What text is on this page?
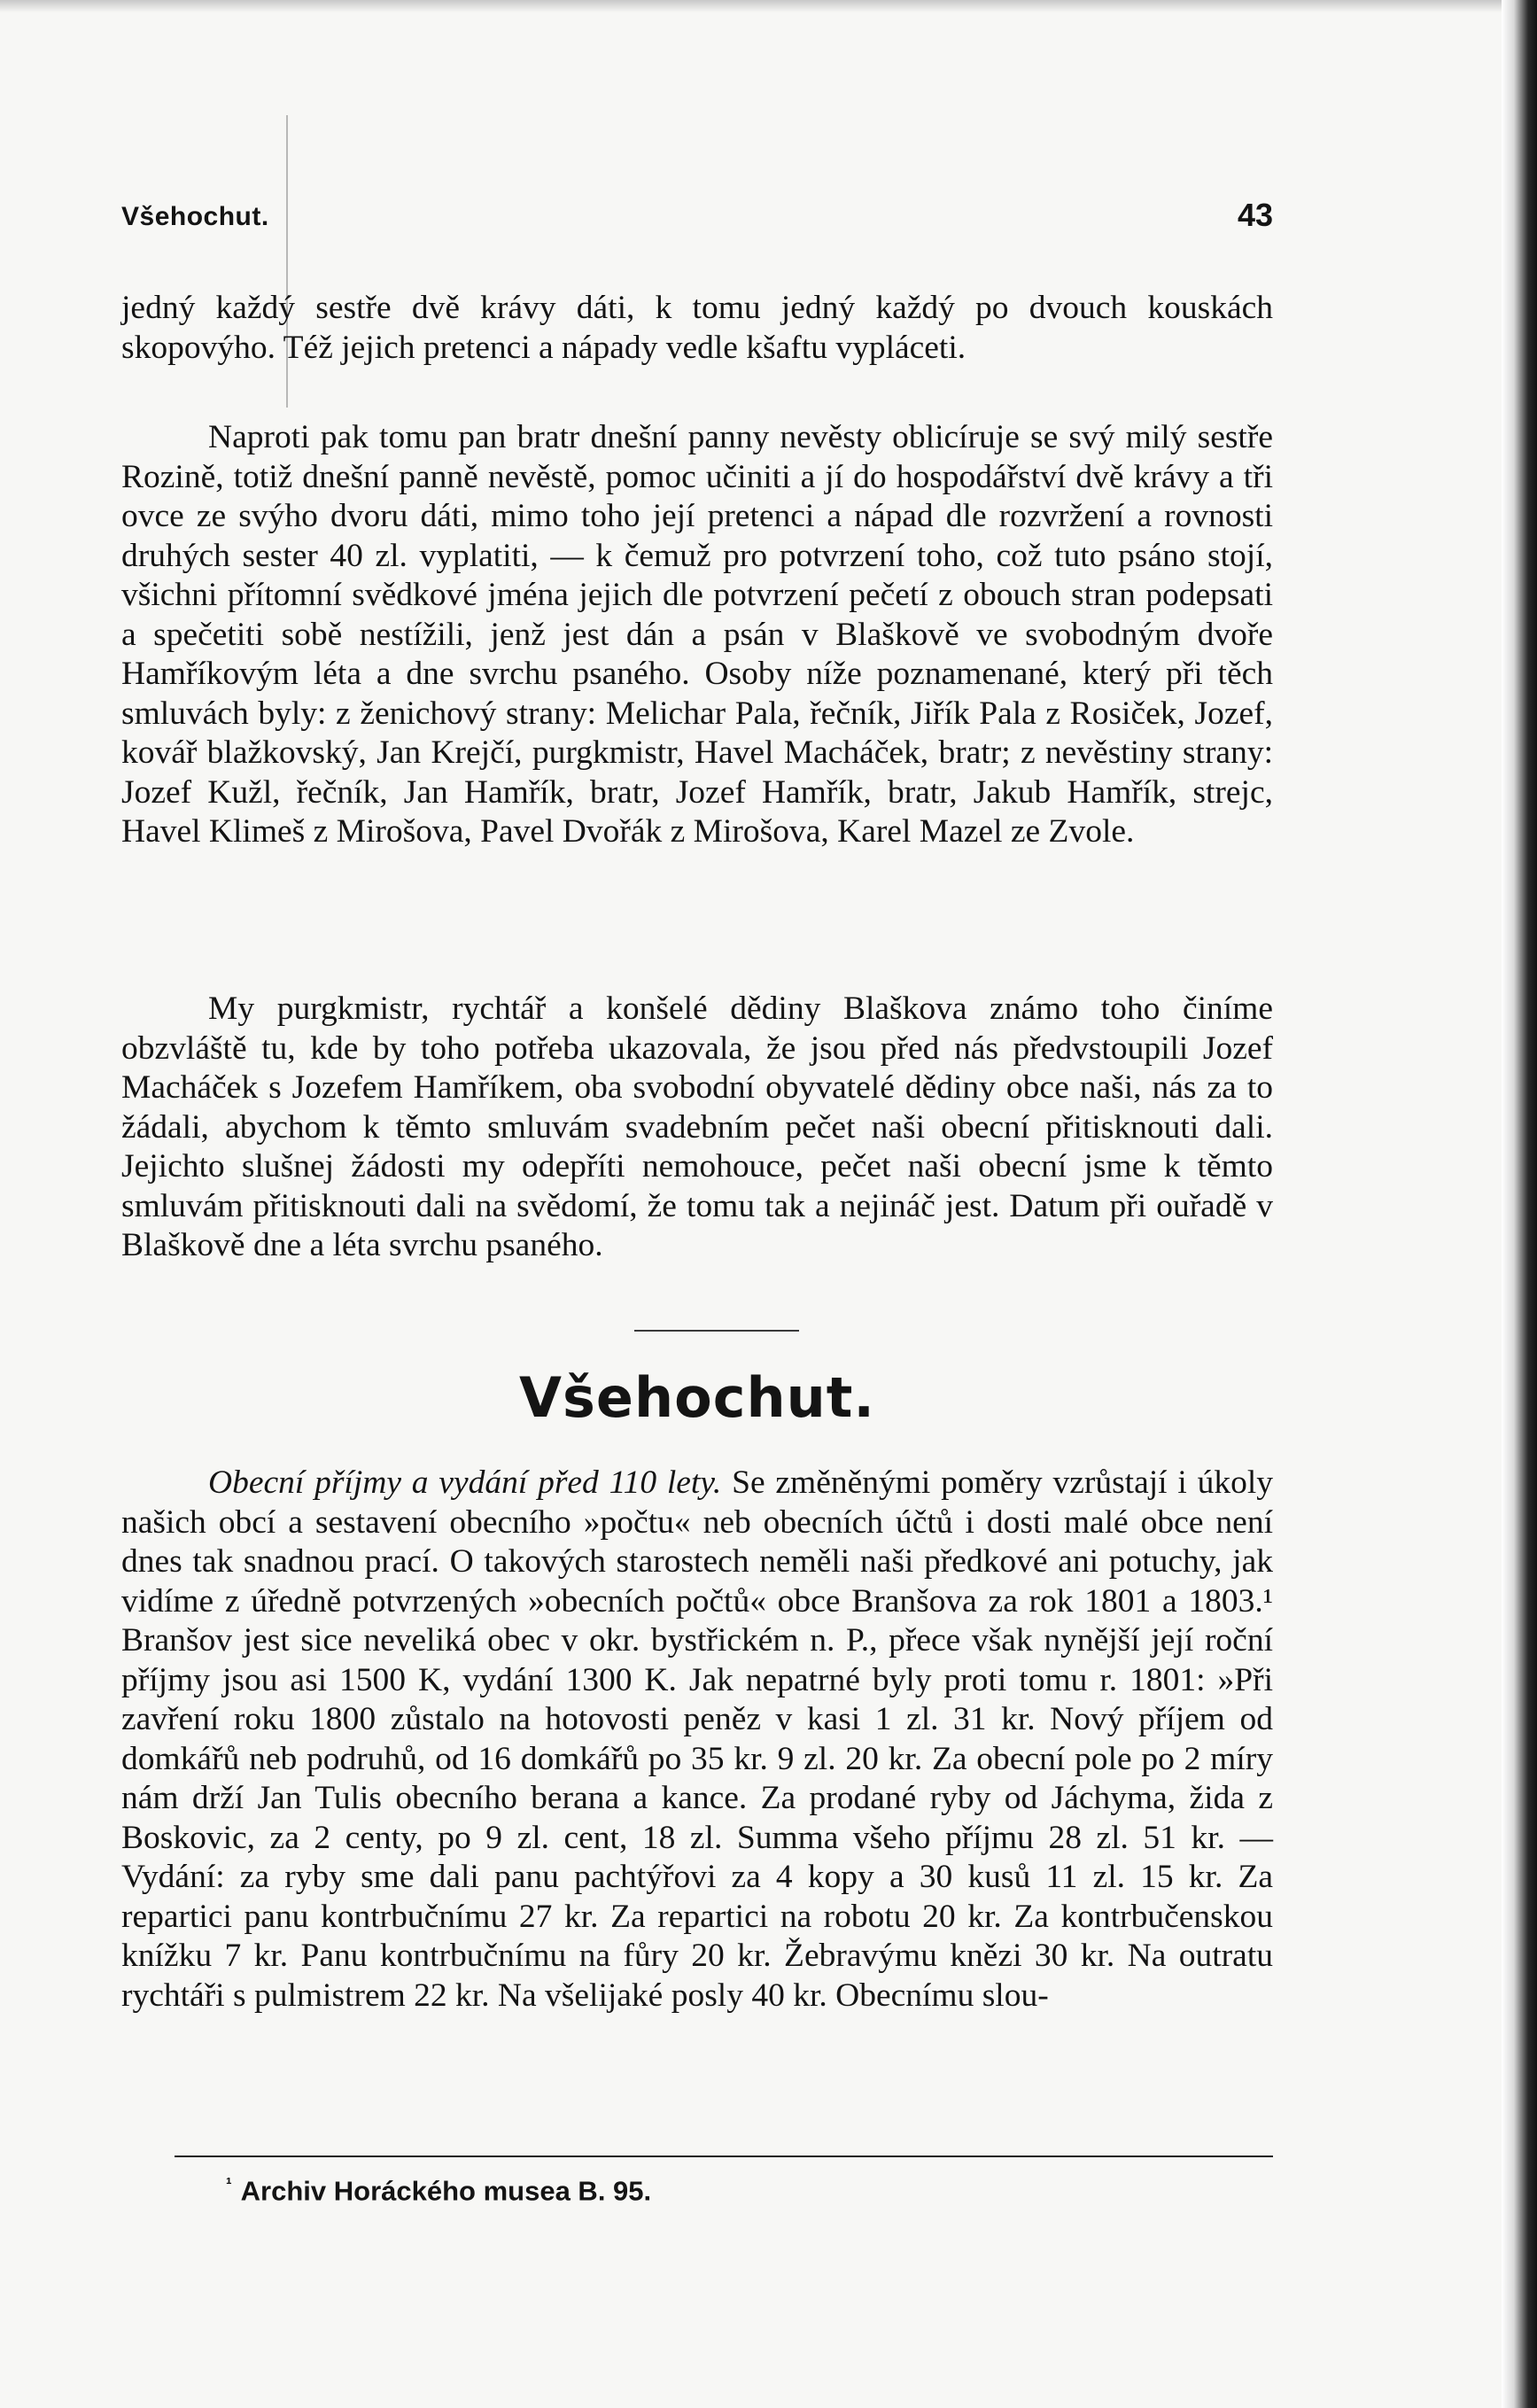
Všehochut.	43

jedný každý sestře dvě krávy dáti, k tomu jedný každý po dvouch kouskách skopovýho. Též jejich pretenci a nápady vedle kšaftu vypláceti.

Naproti pak tomu pan bratr dnešní panny nevěsty oblicíruje se svý milý sestře Rozině, totiž dnešní panně nevěstě, pomoc učiniti a jí do hospodářství dvě krávy a tři ovce ze svýho dvoru dáti, mimo toho její pretenci a nápad dle rozvržení a rovnosti druhých sester 40 zl. vyplatiti, — k čemuž pro potvrzení toho, což tuto psáno stojí, všichni přítomní svědkové jména jejich dle potvrzení pečetí z obouch stran podepsati a spečetiti sobě nestížili, jenž jest dán a psán v Blaškově ve svobodným dvoře Hamříkovým léta a dne svrchu psaného. Osoby níže poznamenané, který při těch smluvách byly: z ženichový strany: Melichar Pala, řečník, Jiřík Pala z Rosiček, Jozef, kovář blažkovský, Jan Krejčí, purgkmistr, Havel Macháček, bratr; z nevěstiny strany: Jozef Kužl, řečník, Jan Hamřík, bratr, Jozef Hamřík, bratr, Jakub Hamřík, strejc, Havel Klimeš z Mirošova, Pavel Dvořák z Mirošova, Karel Mazel ze Zvole.

My purgkmistr, rychtář a konšelé dědiny Blaškova známo toho činíme obzvláště tu, kde by toho potřeba ukazovala, že jsou před nás předvstoupili Jozef Macháček s Jozefem Hamříkem, oba svobodní obyvatelé dědiny obce naši, nás za to žádali, abychom k těmto smluvám svadebním pečet naši obecní přitisknouti dali. Jejichto slušnej žádosti my odepříti nemohouce, pečet naši obecní jsme k těmto smluvám přitisknouti dali na svědomí, že tomu tak a nejináč jest. Datum při ouřadě v Blaškově dne a léta svrchu psaného.

Všehochut.

Obecní příjmy a vydání před 110 lety. Se změněnými poměry vzrůstají i úkoly našich obcí a sestavení obecního »počtu« neb obecních účtů i dosti malé obce není dnes tak snadnou prací. O takových starostech neměli naši předkové ani potuchy, jak vidíme z úředně potvrzených »obecních počtů« obce Branšova za rok 1801 a 1803.¹ Branšov jest sice neveliká obec v okr. bystřickém n. P., přece však nynější její roční příjmy jsou asi 1500 K, vydání 1300 K. Jak nepatrné byly proti tomu r. 1801: »Při zavření roku 1800 zůstalo na hotovosti peněz v kasi 1 zl. 31 kr. Nový příjem od domkářů neb podruhů, od 16 domkářů po 35 kr. 9 zl. 20 kr. Za obecní pole po 2 míry nám drží Jan Tulis obecního berana a kance. Za prodané ryby od Jáchyma, žida z Boskovic, za 2 centy, po 9 zl. cent, 18 zl. Summa všeho příjmu 28 zl. 51 kr. — Vydání: za ryby sme dali panu pachtýřovi za 4 kopy a 30 kusů 11 zl. 15 kr. Za repartici panu kontrbučnímu 27 kr. Za repartici na robotu 20 kr. Za kontrbučenskou knížku 7 kr. Panu kontrbučnímu na fůry 20 kr. Žebravýmu knězi 30 kr. Na outratu rychtáři s pulmistrem 22 kr. Na všelijaké posly 40 kr. Obecnímu slou-

$^{^1}$ Archiv Horáckého musea B. 95.
